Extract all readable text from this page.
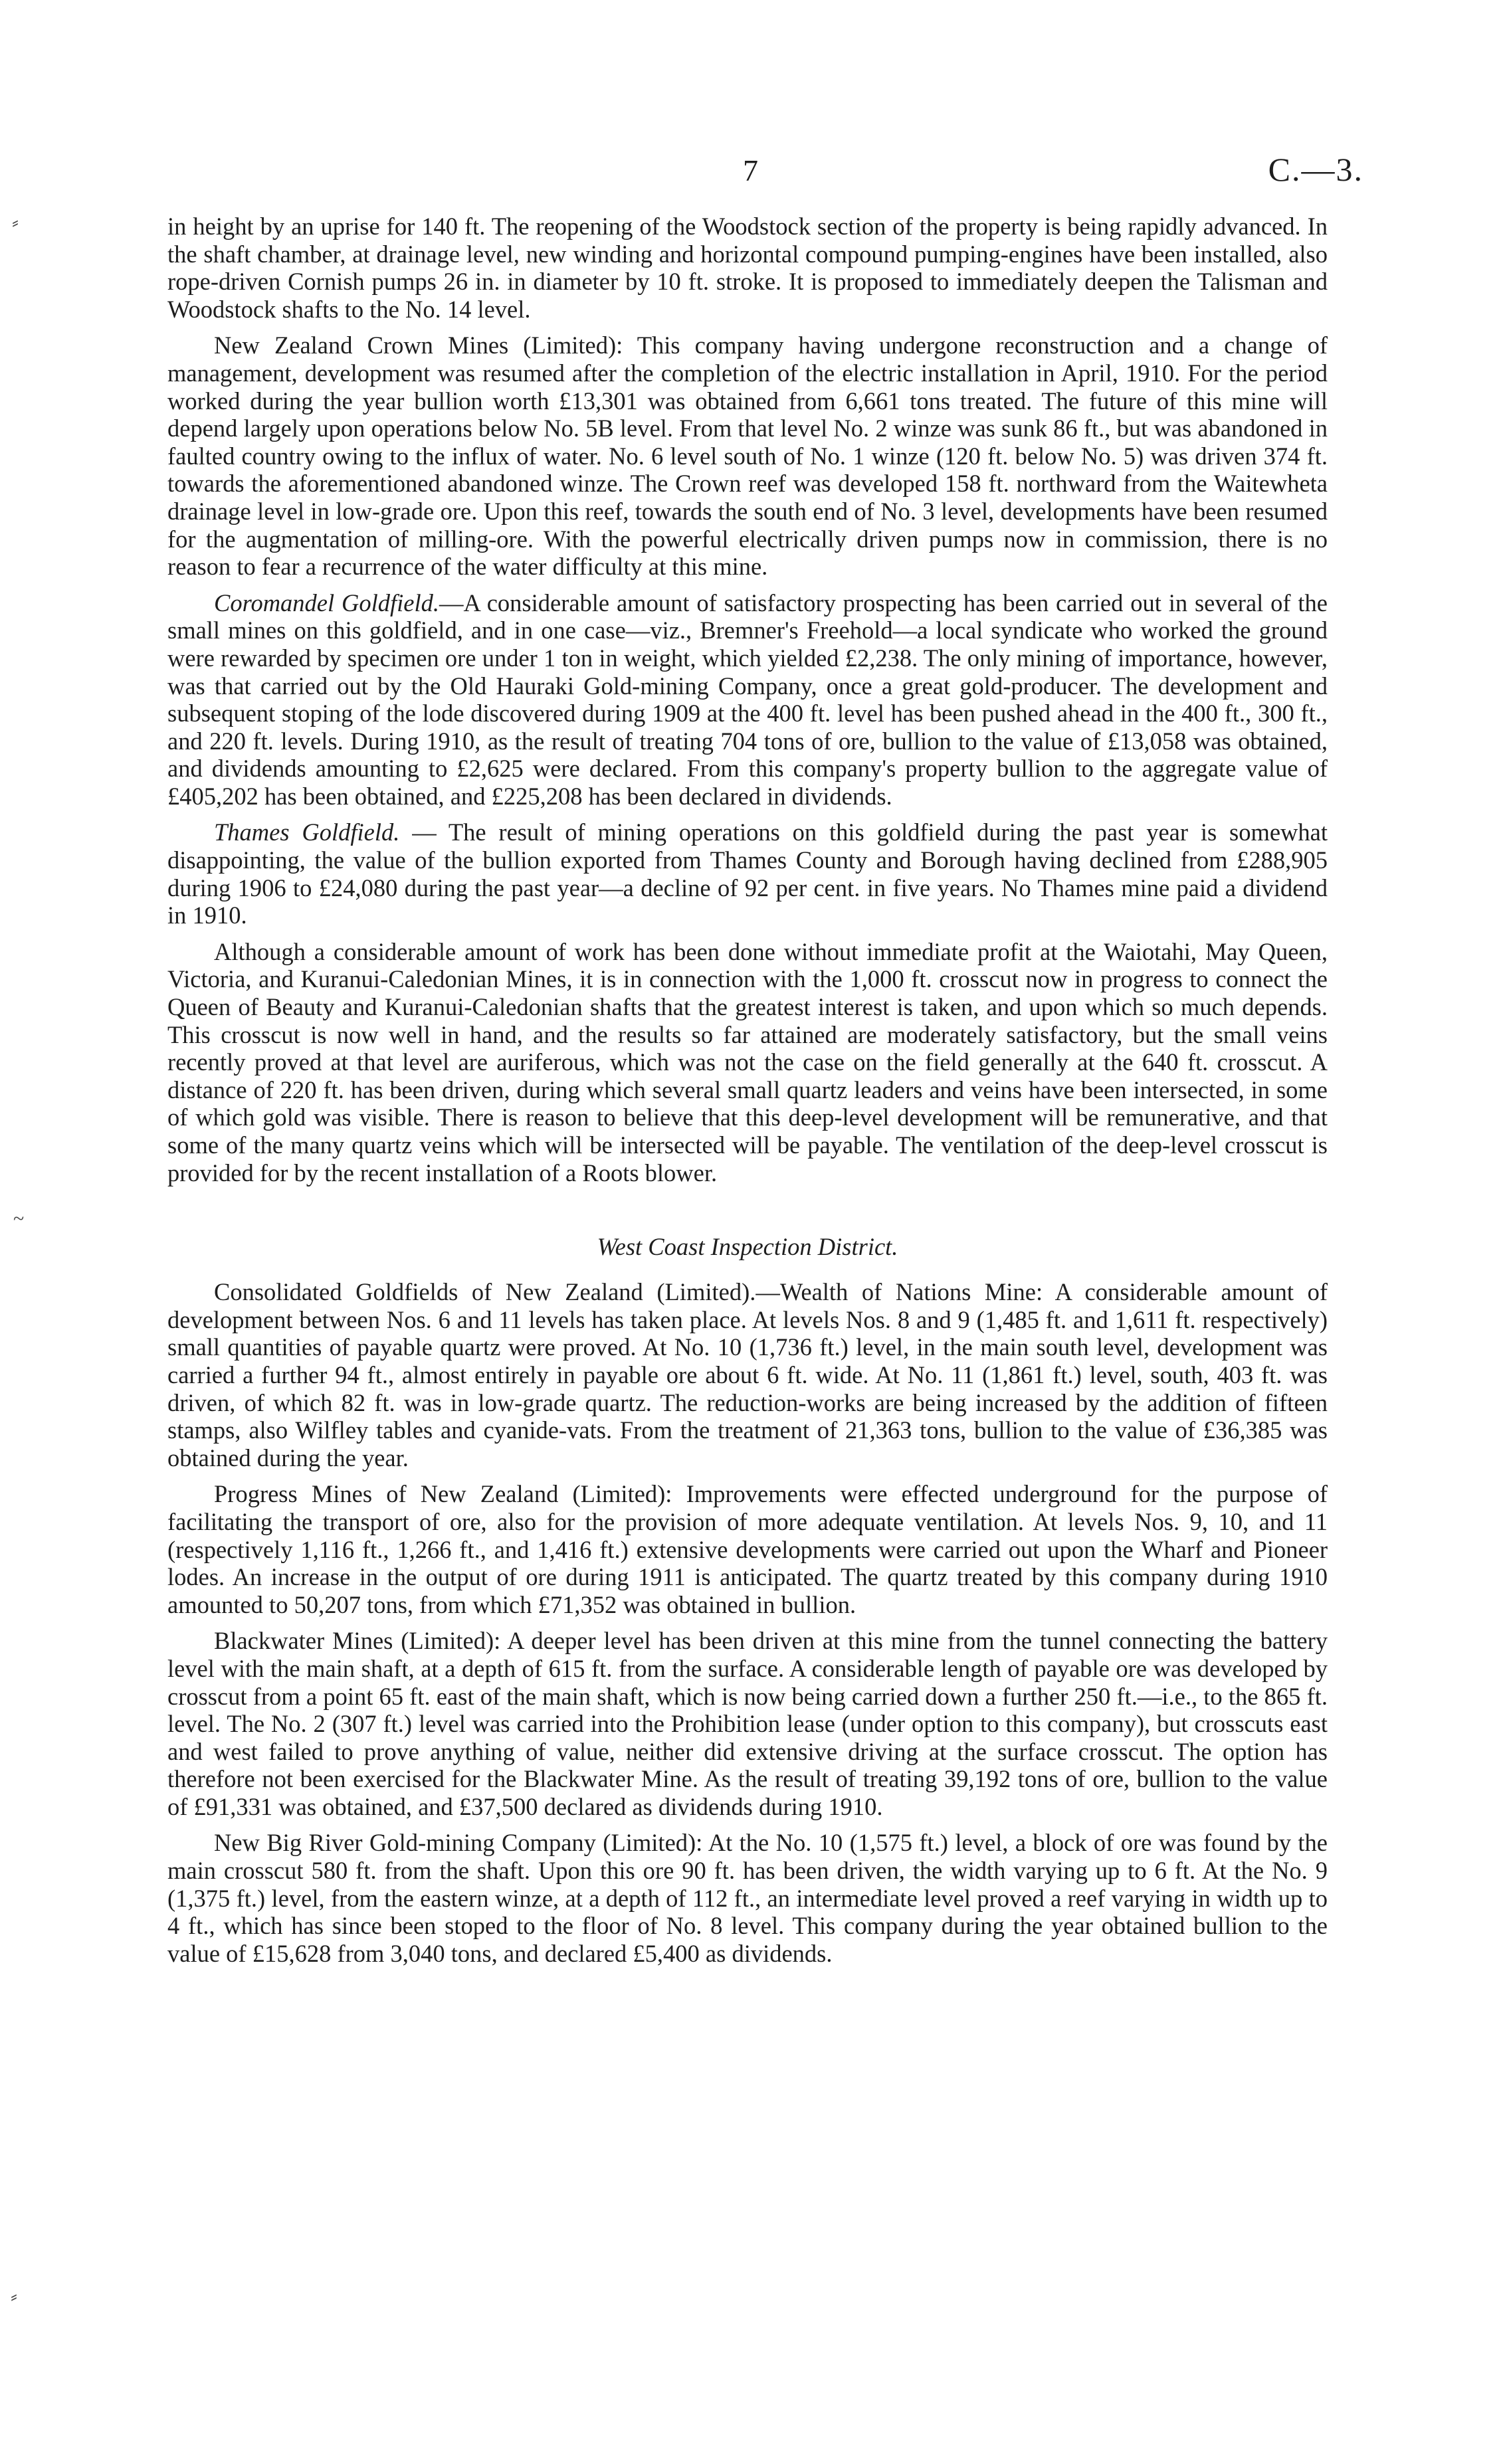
7	C.—3.

in height by an uprise for 140 ft. The reopening of the Woodstock section of the property is being rapidly advanced. In the shaft chamber, at drainage level, new winding and horizontal compound pumping-engines have been installed, also rope-driven Cornish pumps 26 in. in diameter by 10 ft. stroke. It is proposed to immediately deepen the Talisman and Woodstock shafts to the No. 14 level.

New Zealand Crown Mines (Limited): This company having undergone reconstruction and a change of management, development was resumed after the completion of the electric installation in April, 1910. For the period worked during the year bullion worth £13,301 was obtained from 6,661 tons treated. The future of this mine will depend largely upon operations below No. 5B level. From that level No. 2 winze was sunk 86 ft., but was abandoned in faulted country owing to the influx of water. No. 6 level south of No. 1 winze (120 ft. below No. 5) was driven 374 ft. towards the aforementioned abandoned winze. The Crown reef was developed 158 ft. northward from the Waitewheta drainage level in low-grade ore. Upon this reef, towards the south end of No. 3 level, developments have been resumed for the augmentation of milling-ore. With the powerful electrically driven pumps now in commission, there is no reason to fear a recurrence of the water difficulty at this mine.

Coromandel Goldfield.—A considerable amount of satisfactory prospecting has been carried out in several of the small mines on this goldfield, and in one case—viz., Bremner's Freehold—a local syndicate who worked the ground were rewarded by specimen ore under 1 ton in weight, which yielded £2,238. The only mining of importance, however, was that carried out by the Old Hauraki Gold-mining Company, once a great gold-producer. The development and subsequent stoping of the lode discovered during 1909 at the 400 ft. level has been pushed ahead in the 400 ft., 300 ft., and 220 ft. levels. During 1910, as the result of treating 704 tons of ore, bullion to the value of £13,058 was obtained, and dividends amounting to £2,625 were declared. From this company's property bullion to the aggregate value of £405,202 has been obtained, and £225,208 has been declared in dividends.

Thames Goldfield. — The result of mining operations on this goldfield during the past year is somewhat disappointing, the value of the bullion exported from Thames County and Borough having declined from £288,905 during 1906 to £24,080 during the past year—a decline of 92 per cent. in five years. No Thames mine paid a dividend in 1910.

Although a considerable amount of work has been done without immediate profit at the Waiotahi, May Queen, Victoria, and Kuranui-Caledonian Mines, it is in connection with the 1,000 ft. crosscut now in progress to connect the Queen of Beauty and Kuranui-Caledonian shafts that the greatest interest is taken, and upon which so much depends. This crosscut is now well in hand, and the results so far attained are moderately satisfactory, but the small veins recently proved at that level are auriferous, which was not the case on the field generally at the 640 ft. crosscut. A distance of 220 ft. has been driven, during which several small quartz leaders and veins have been intersected, in some of which gold was visible. There is reason to believe that this deep-level development will be remunerative, and that some of the many quartz veins which will be intersected will be payable. The ventilation of the deep-level crosscut is provided for by the recent installation of a Roots blower.

West Coast Inspection District.

Consolidated Goldfields of New Zealand (Limited).—Wealth of Nations Mine: A considerable amount of development between Nos. 6 and 11 levels has taken place. At levels Nos. 8 and 9 (1,485 ft. and 1,611 ft. respectively) small quantities of payable quartz were proved. At No. 10 (1,736 ft.) level, in the main south level, development was carried a further 94 ft., almost entirely in payable ore about 6 ft. wide. At No. 11 (1,861 ft.) level, south, 403 ft. was driven, of which 82 ft. was in low-grade quartz. The reduction-works are being increased by the addition of fifteen stamps, also Wilfley tables and cyanide-vats. From the treatment of 21,363 tons, bullion to the value of £36,385 was obtained during the year.

Progress Mines of New Zealand (Limited): Improvements were effected underground for the purpose of facilitating the transport of ore, also for the provision of more adequate ventilation. At levels Nos. 9, 10, and 11 (respectively 1,116 ft., 1,266 ft., and 1,416 ft.) extensive developments were carried out upon the Wharf and Pioneer lodes. An increase in the output of ore during 1911 is anticipated. The quartz treated by this company during 1910 amounted to 50,207 tons, from which £71,352 was obtained in bullion.

Blackwater Mines (Limited): A deeper level has been driven at this mine from the tunnel connecting the battery level with the main shaft, at a depth of 615 ft. from the surface. A considerable length of payable ore was developed by crosscut from a point 65 ft. east of the main shaft, which is now being carried down a further 250 ft.—i.e., to the 865 ft. level. The No. 2 (307 ft.) level was carried into the Prohibition lease (under option to this company), but crosscuts east and west failed to prove anything of value, neither did extensive driving at the surface crosscut. The option has therefore not been exercised for the Blackwater Mine. As the result of treating 39,192 tons of ore, bullion to the value of £91,331 was obtained, and £37,500 declared as dividends during 1910.

New Big River Gold-mining Company (Limited): At the No. 10 (1,575 ft.) level, a block of ore was found by the main crosscut 580 ft. from the shaft. Upon this ore 90 ft. has been driven, the width varying up to 6 ft. At the No. 9 (1,375 ft.) level, from the eastern winze, at a depth of 112 ft., an intermediate level proved a reef varying in width up to 4 ft., which has since been stoped to the floor of No. 8 level. This company during the year obtained bullion to the value of £15,628 from 3,040 tons, and declared £5,400 as dividends.

⸗
~
⸗
